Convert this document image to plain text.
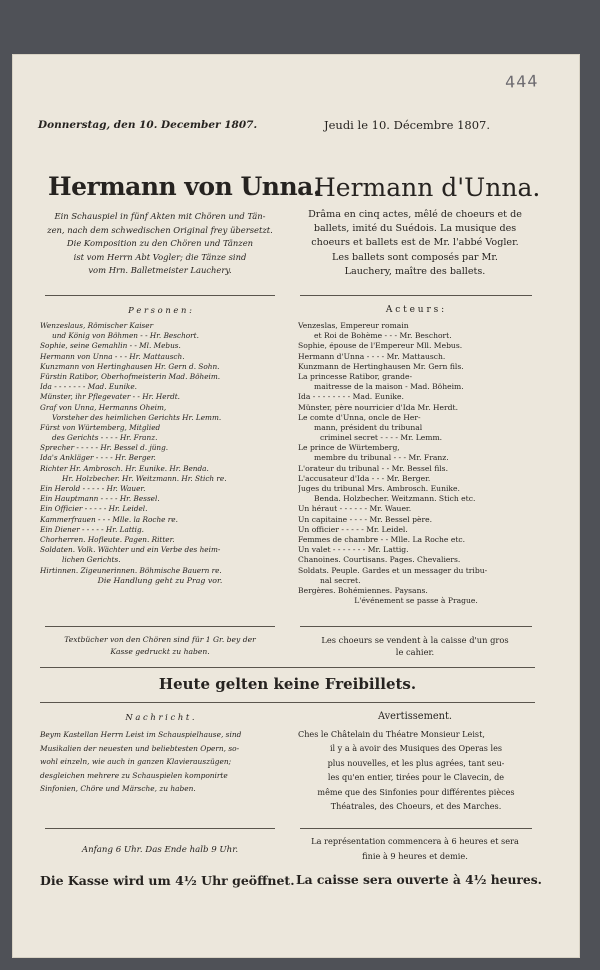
444
Donnerstag, den 10. December 1807.	Jeudi le 10. Décembre 1807.
Hermann von Unna.
Hermann d'Unna.
Ein Schauspiel in fünf Akten mit Chören und Tän-
zen, nach dem schwedischen Original frey übersetzt.
Die Komposition zu den Chören und Tänzen
ist vom Herrn Abt Vogler; die Tänze sind
vom Hrn. Balletmeister Lauchery.
Drâma en cinq actes, mêlé de choeurs et de
ballets, imité du Suédois. La musique des
choeurs et ballets est de Mr. l'abbé Vogler.
Les ballets sont composés par Mr.
Lauchery, maître des ballets.
P e r s o n e n :	A c t e u r s :
Wenzeslaus, Römischer Kaiser
und König von Böhmen - - Hr. Beschort.
Sophie, seine Gemahlin - - Ml. Mebus.
Hermann von Unna - - - Hr. Mattausch.
Kunzmann von Hertinghausen Hr. Gern d. Sohn.
Fürstin Ratibor, Oberhofmeisterin Mad. Böheim.
Ida - - - - - - - Mad. Eunike.
Münster, ihr Pflegevater - - Hr. Herdt.
Graf von Unna, Hermanns Oheim,
Vorsteher des heimlichen Gerichts Hr. Lemm.
Fürst von Würtemberg, Mitglied
des Gerichts - - - - Hr. Franz.
Sprecher - - - - - Hr. Bessel d. jüng.
Ida's Ankläger - - - - Hr. Berger.
Richter Hr. Ambrosch. Hr. Eunike. Hr. Benda.
Hr. Holzbecher. Hr. Weitzmann. Hr. Stich re.
Ein Herold - - - - - Hr. Wauer.
Ein Hauptmann - - - - Hr. Bessel.
Ein Officier - - - - - Hr. Leidel.
Kammerfrauen - - - Mlle. la Roche re.
Ein Diener - - - - - Hr. Lattig.
Chorherren. Hofleute. Pagen. Ritter.
Soldaten. Volk. Wächter und ein Verbe des heim-
lichen Gerichts.
Hirtinnen. Zigeunerinnen. Böhmische Bauern re.
Die Handlung geht zu Prag vor.
Venzeslas, Empereur romain
et Roi de Bohème - - - Mr. Beschort.
Sophie, épouse de l'Empereur Mll. Mebus.
Hermann d'Unna - - - - Mr. Mattausch.
Kunzmann de Hertinghausen Mr. Gern fils.
La princesse Ratibor, grande-
maitresse de la maison - Mad. Böheim.
Ida - - - - - - - - Mad. Eunike.
Münster, père nourricier d'Ida Mr. Herdt.
Le comte d'Unna, oncle de Her-
mann, président du tribunal
criminel secret - - - - Mr. Lemm.
Le prince de Würtemberg,
membre du tribunal - - - Mr. Franz.
L'orateur du tribunal - - Mr. Bessel fils.
L'accusateur d'Ida - - - Mr. Berger.
Juges du tribunal Mrs. Ambrosch. Eunike.
Benda. Holzbecher. Weitzmann. Stich etc.
Un héraut - - - - - - Mr. Wauer.
Un capitaine - - - - Mr. Bessel père.
Un officier - - - - - Mr. Leidel.
Femmes de chambre - - Mlle. La Roche etc.
Un valet - - - - - - - Mr. Lattig.
Chanoines. Courtisans. Pages. Chevaliers.
Soldats. Peuple. Gardes et un messager du tribu-
nal secret.
Bergères. Bohémiennes. Paysans.
L'événement se passe à Prague.
Textbücher von den Chören sind für 1 Gr. bey der
Kasse gedruckt zu haben.
Les choeurs se vendent à la caisse d'un gros
le cahier.
Heute gelten keine Freibillets.
N a c h r i c h t .	Avertissement.
Beym Kastellan Herrn Leist im Schauspielhause, sind
Musikalien der neuesten und beliebtesten Opern, so-
wohl einzeln, wie auch in ganzen Klavierauszügen;
desgleichen mehrere zu Schauspielen komponirte
Sinfonien, Chöre und Märsche, zu haben.
Ches le Châtelain du Théatre Monsieur Leist,
il y a à avoir des Musiques des Operas les
plus nouvelles, et les plus agrées, tant seu-
les qu'en entier, tirées pour le Clavecin, de
même que des Sinfonies pour différentes pièces
Théatrales, des Choeurs, et des Marches.
Anfang 6 Uhr. Das Ende halb 9 Uhr.
La représentation commencera à 6 heures et sera
finie à 9 heures et demie.
Die Kasse wird um 4½ Uhr geöffnet. La caisse sera ouverte à 4½ heures.
